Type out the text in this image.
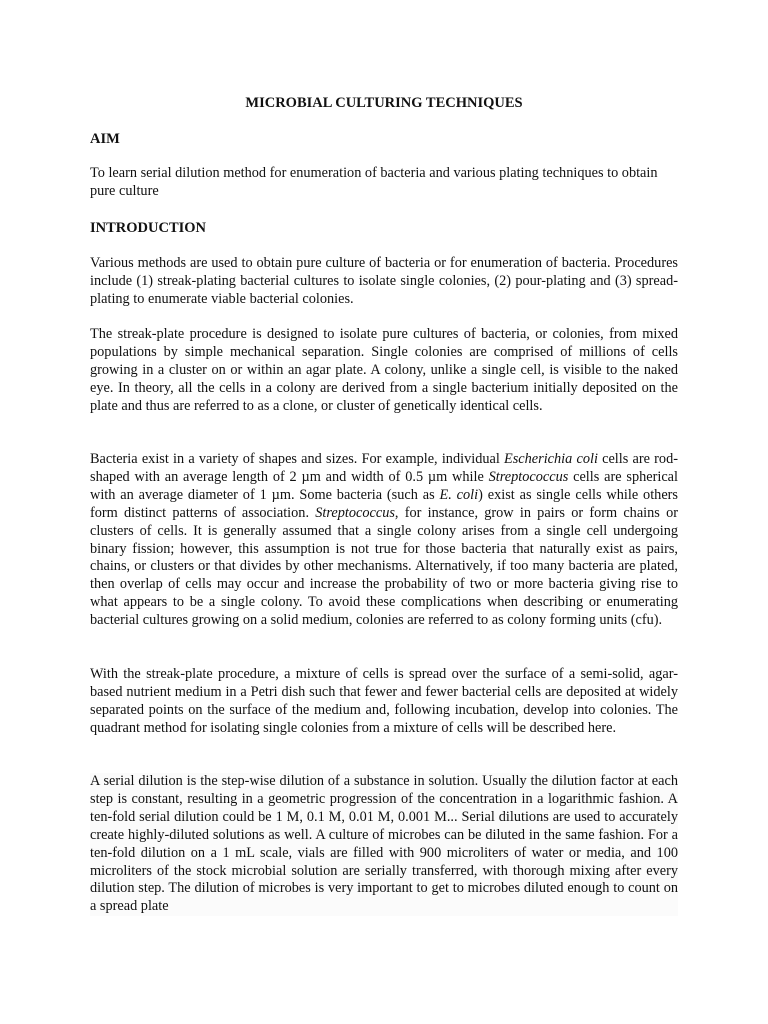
MICROBIAL CULTURING TECHNIQUES
AIM
To learn serial dilution method for enumeration of bacteria and various plating techniques to obtain pure culture
INTRODUCTION
Various methods are used to obtain pure culture of bacteria or for enumeration of bacteria. Procedures include (1) streak-plating bacterial cultures to isolate single colonies, (2) pour-plating and (3) spread-plating to enumerate viable bacterial colonies.
The streak-plate procedure is designed to isolate pure cultures of bacteria, or colonies, from mixed populations by simple mechanical separation. Single colonies are comprised of millions of cells growing in a cluster on or within an agar plate. A colony, unlike a single cell, is visible to the naked eye. In theory, all the cells in a colony are derived from a single bacterium initially deposited on the plate and thus are referred to as a clone, or cluster of genetically identical cells.
Bacteria exist in a variety of shapes and sizes. For example, individual Escherichia coli cells are rod-shaped with an average length of 2 µm and width of 0.5 µm while Streptococcus cells are spherical with an average diameter of 1 µm. Some bacteria (such as E. coli) exist as single cells while others form distinct patterns of association. Streptococcus, for instance, grow in pairs or form chains or clusters of cells. It is generally assumed that a single colony arises from a single cell undergoing binary fission; however, this assumption is not true for those bacteria that naturally exist as pairs, chains, or clusters or that divides by other mechanisms. Alternatively, if too many bacteria are plated, then overlap of cells may occur and increase the probability of two or more bacteria giving rise to what appears to be a single colony. To avoid these complications when describing or enumerating bacterial cultures growing on a solid medium, colonies are referred to as colony forming units (cfu).
With the streak-plate procedure, a mixture of cells is spread over the surface of a semi-solid, agar-based nutrient medium in a Petri dish such that fewer and fewer bacterial cells are deposited at widely separated points on the surface of the medium and, following incubation, develop into colonies. The quadrant method for isolating single colonies from a mixture of cells will be described here.
A serial dilution is the step-wise dilution of a substance in solution. Usually the dilution factor at each step is constant, resulting in a geometric progression of the concentration in a logarithmic fashion. A ten-fold serial dilution could be 1 M, 0.1 M, 0.01 M, 0.001 M... Serial dilutions are used to accurately create highly-diluted solutions as well. A culture of microbes can be diluted in the same fashion. For a ten-fold dilution on a 1 mL scale, vials are filled with 900 microliters of water or media, and 100 microliters of the stock microbial solution are serially transferred, with thorough mixing after every dilution step. The dilution of microbes is very important to get to microbes diluted enough to count on a spread plate
